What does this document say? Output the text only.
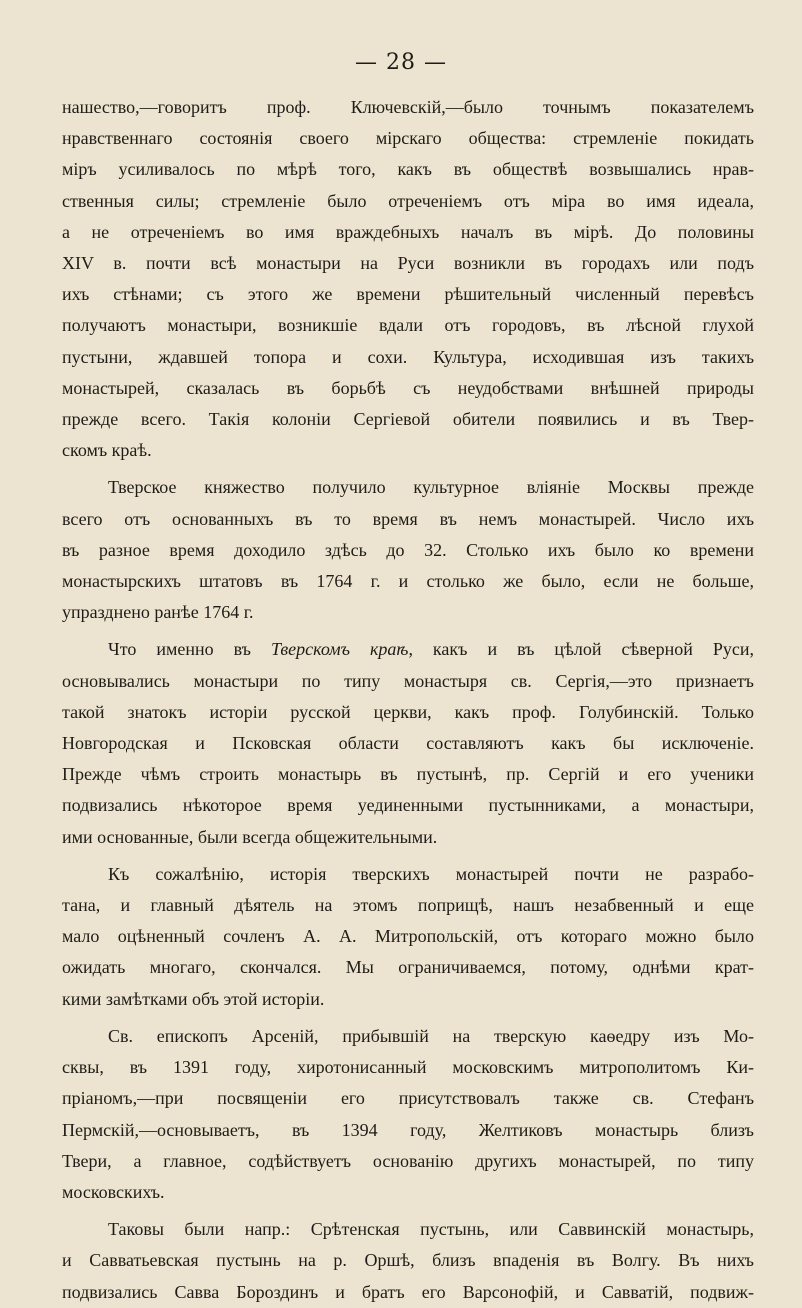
— 28 —
нашество,—говоритъ проф. Ключевскій,—было точнымъ показателемъ
нравственнаго состоянія своего мірскаго общества: стремленіе покидать
міръ усиливалось по мѣрѣ того, какъ въ обществѣ возвышались нрав-
ственныя силы; стремленіе было отреченіемъ отъ міра во имя идеала,
а не отреченіемъ во имя враждебныхъ началъ въ мірѣ. До половины
XIV в. почти всѣ монастыри на Руси возникли въ городахъ или подъ
ихъ стѣнами; съ этого же времени рѣшительный численный перевѣсъ
получаютъ монастыри, возникшіе вдали отъ городовъ, въ лѣсной глухой
пустыни, ждавшей топора и сохи. Культура, исходившая изъ такихъ
монастырей, сказалась въ борьбѣ съ неудобствами внѣшней природы
прежде всего. Такія колоніи Сергіевой обители появились и въ Твер-
скомъ краѣ.
Тверское княжество получило культурное вліяніе Москвы прежде
всего отъ основанныхъ въ то время въ немъ монастырей. Число ихъ
въ разное время доходило здѣсь до 32. Столько ихъ было ко времени
монастырскихъ штатовъ въ 1764 г. и столько же было, если не больше,
упразднено ранѣе 1764 г.
Что именно въ Тверскомъ краѣ, какъ и въ цѣлой сѣверной Руси,
основывались монастыри по типу монастыря св. Сергія,—это признаетъ
такой знатокъ исторіи русской церкви, какъ проф. Голубинскій. Только
Новгородская и Псковская области составляютъ какъ бы исключеніе.
Прежде чѣмъ строить монастырь въ пустынѣ, пр. Сергій и его ученики
подвизались нѣкоторое время уединенными пустынниками, а монастыри,
ими основанные, были всегда общежительными.
Къ сожалѣнію, исторія тверскихъ монастырей почти не разрабо-
тана, и главный дѣятель на этомъ поприщѣ, нашъ незабвенный и еще
мало оцѣненный сочленъ А. А. Митропольскій, отъ котораго можно было
ожидать многаго, скончался. Мы ограничиваемся, потому, однѣми крат-
кими замѣтками объ этой исторіи.
Св. епископъ Арсеній, прибывшій на тверскую каѳедру изъ Мо-
сквы, въ 1391 году, хиротонисанный московскимъ митрополитомъ Ки-
пріаномъ,—при посвященіи его присутствовалъ также св. Стефанъ
Пермскій,—основываетъ, въ 1394 году, Желтиковъ монастырь близъ
Твери, а главное, содѣйствуетъ основанію другихъ монастырей, по типу
московскихъ.
Таковы были напр.: Срѣтенская пустынь, или Саввинскій монастырь,
и Савватьевская пустынь на р. Оршѣ, близъ впаденія въ Волгу. Въ нихъ
подвизались Савва Бороздинъ и братъ его Варсонофій, и Савватій, подвиж-
